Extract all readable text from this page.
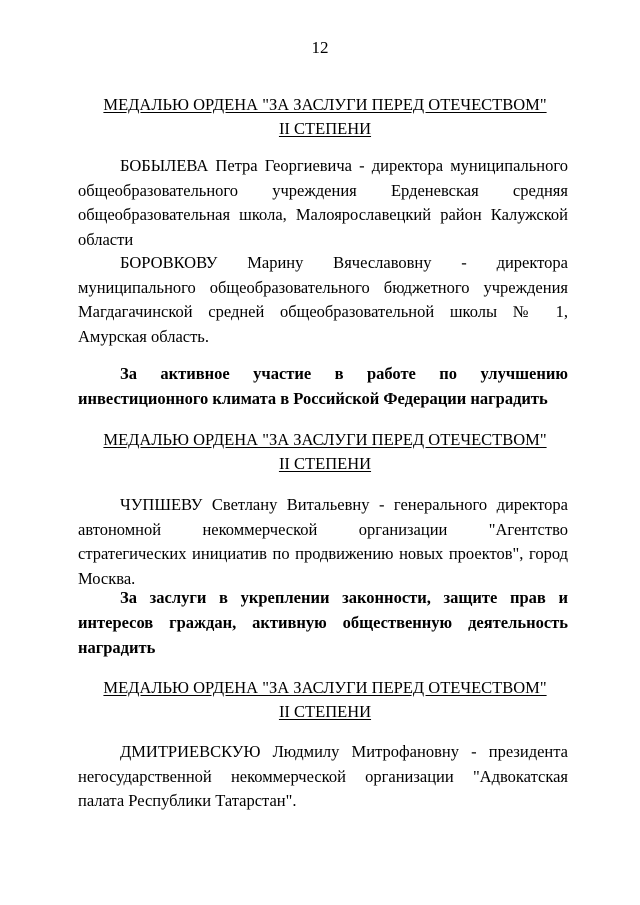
12
МЕДАЛЬЮ ОРДЕНА "ЗА ЗАСЛУГИ ПЕРЕД ОТЕЧЕСТВОМ"
II СТЕПЕНИ

БОБЫЛЕВА Петра Георгиевича - директора муниципального общеобразовательного учреждения Ерденевская средняя общеобразовательная школа, Малоярославецкий район Калужской области

БОРОВКОВУ Марину Вячеславовну - директора муниципального общеобразовательного бюджетного учреждения Магдагачинской средней общеобразовательной школы № 1, Амурская область.

За активное участие в работе по улучшению инвестиционного климата в Российской Федерации наградить

МЕДАЛЬЮ ОРДЕНА "ЗА ЗАСЛУГИ ПЕРЕД ОТЕЧЕСТВОМ"
II СТЕПЕНИ

ЧУПШЕВУ Светлану Витальевну - генерального директора автономной некоммерческой организации "Агентство стратегических инициатив по продвижению новых проектов", город Москва.

За заслуги в укреплении законности, защите прав и интересов граждан, активную общественную деятельность наградить

МЕДАЛЬЮ ОРДЕНА "ЗА ЗАСЛУГИ ПЕРЕД ОТЕЧЕСТВОМ"
II СТЕПЕНИ

ДМИТРИЕВСКУЮ Людмилу Митрофановну - президента негосударственной некоммерческой организации "Адвокатская палата Республики Татарстан".
